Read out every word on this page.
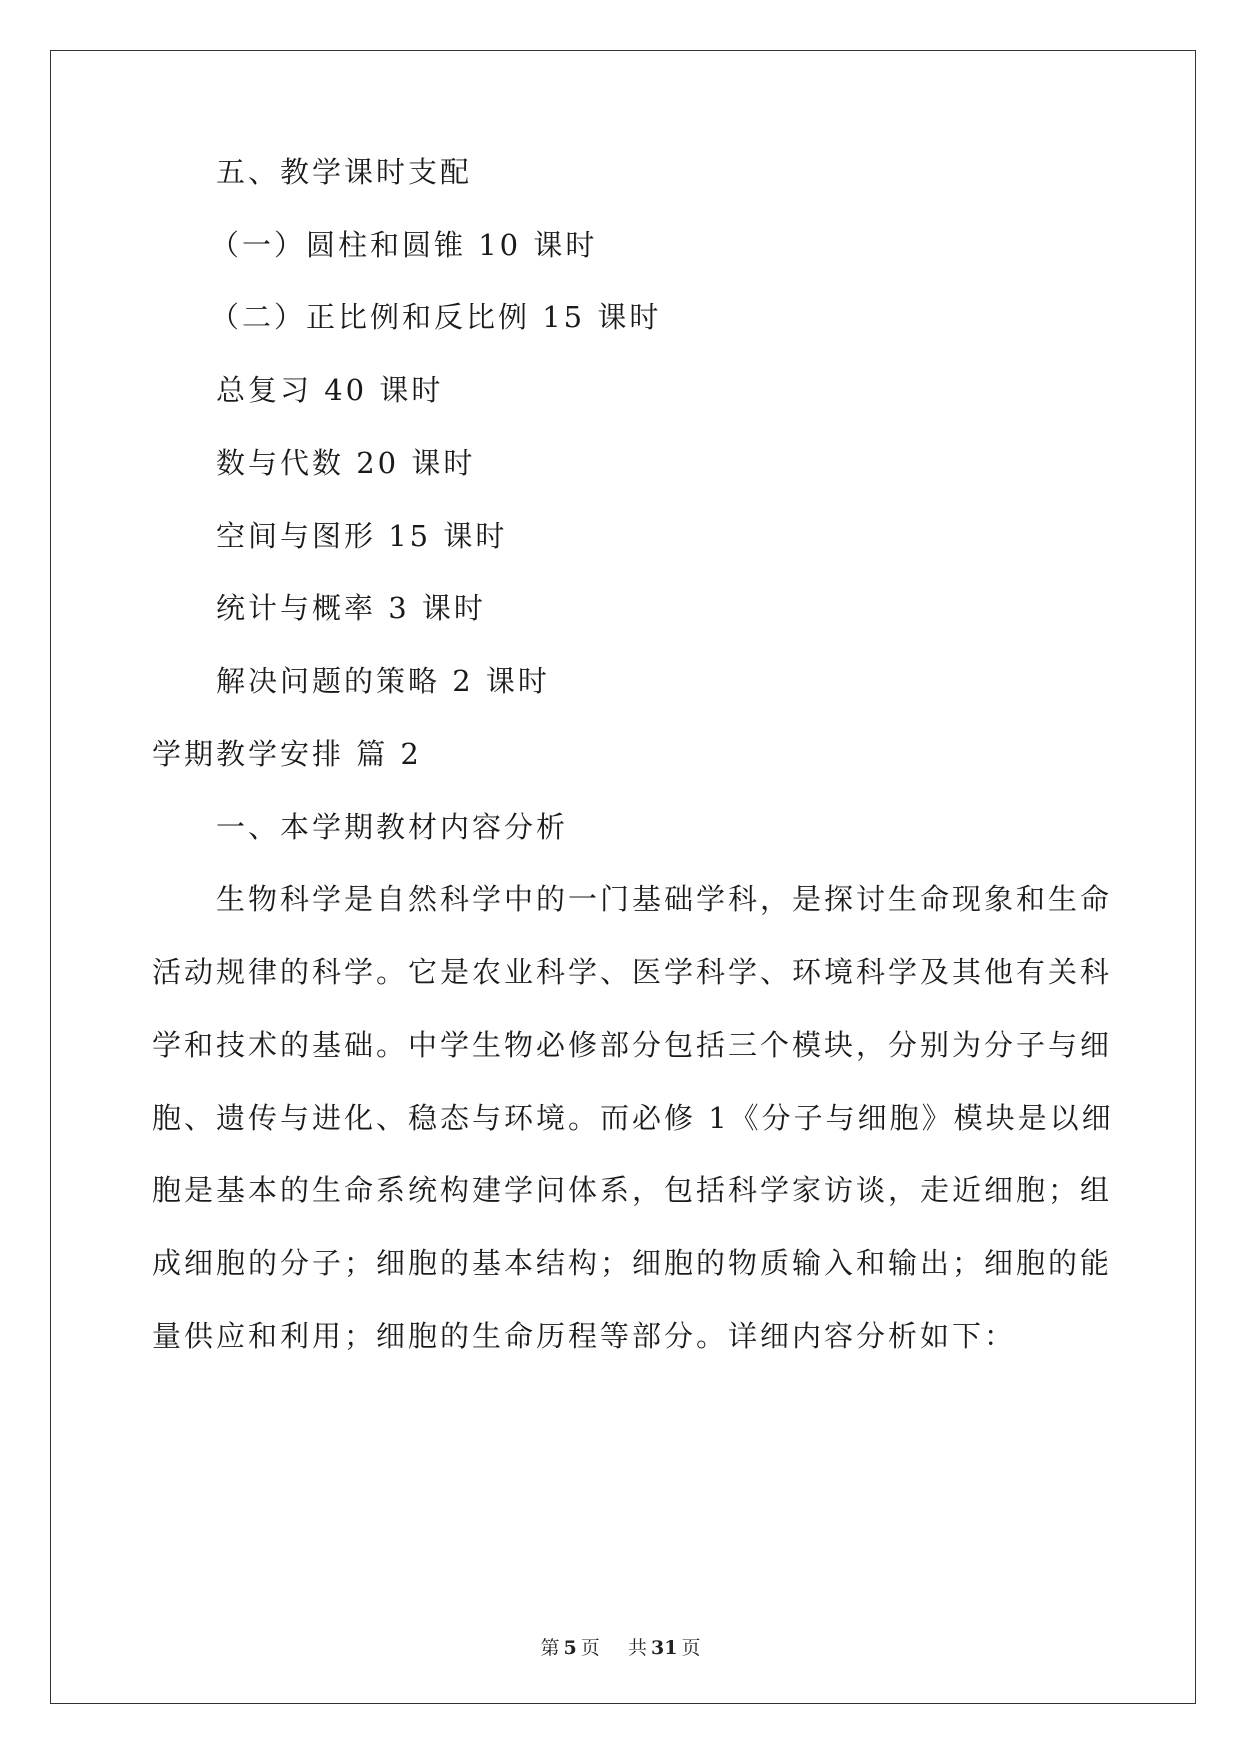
五、教学课时支配
（一）圆柱和圆锥 10 课时
（二）正比例和反比例 15 课时
总复习 40 课时
数与代数 20 课时
空间与图形 15 课时
统计与概率 3 课时
解决问题的策略 2 课时
学期教学安排 篇 2
一、本学期教材内容分析
活动规律的科学。它是农业科学、医学科学、环境科学及其他有关科
学和技术的基础。中学生物必修部分包括三个模块，分别为分子与细
胞、遗传与进化、稳态与环境。而必修 1《分子与细胞》模块是以细
胞是基本的生命系统构建学问体系，包括科学家访谈，走近细胞；组
成细胞的分子；细胞的基本结构；细胞的物质输入和输出；细胞的能
量供应和利用；细胞的生命历程等部分。详细内容分析如下：
第 5 页 共 31 页
生物科学是自然科学中的一门基础学科，是探讨生命现象和生命
